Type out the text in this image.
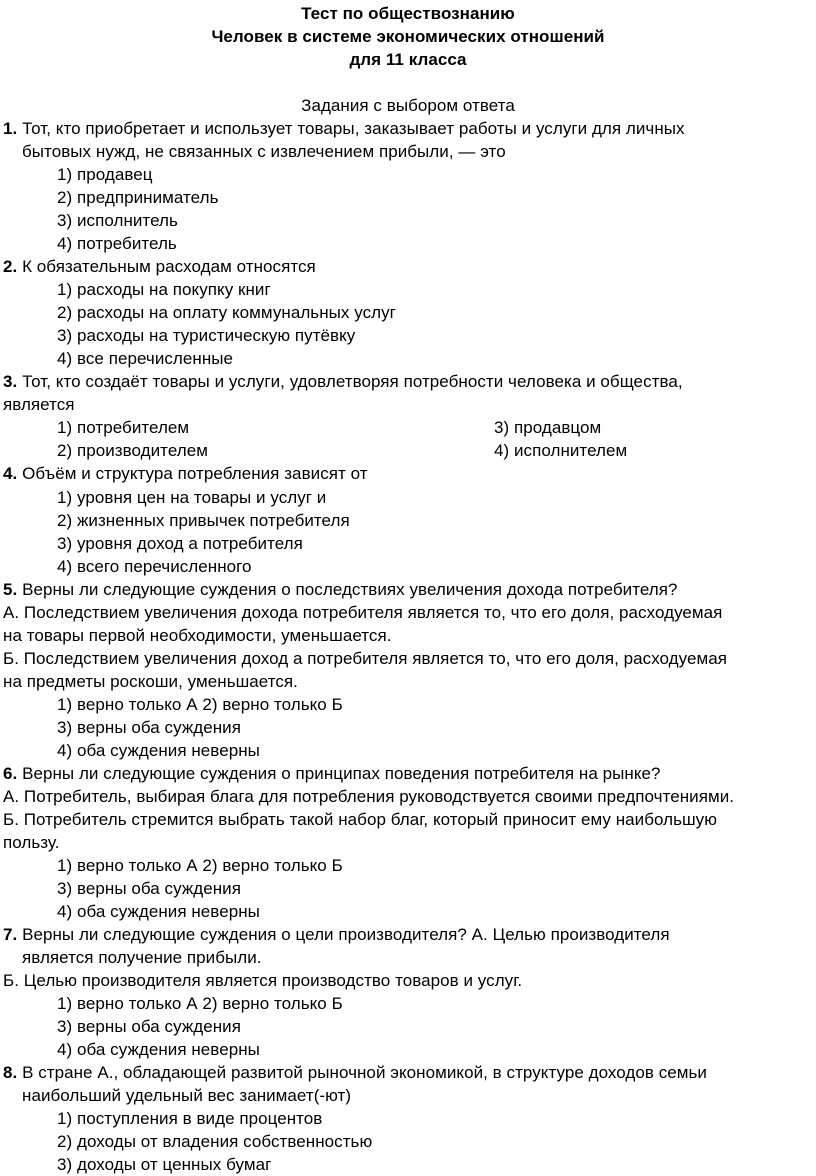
Тест по обществознанию
Человек в системе экономических отношений
для 11 класса
Задания с выбором ответа
1. Тот, кто приобретает и использует товары, заказывает работы и услуги для личных
бытовых нужд, не связанных с извлечением прибыли, — это
1) продавец
2) предприниматель
3) исполнитель
4) потребитель
2. К обязательным расходам относятся
1) расходы на покупку книг
2) расходы на оплату коммунальных услуг
3) расходы на туристическую путёвку
4) все перечисленные
3. Тот, кто создаёт товары и услуги, удовлетворяя потребности человека и общества,
является
1) потребителем	3) продавцом
2) производителем	4) исполнителем
4. Объём и структура потребления зависят от
1) уровня цен на товары и услуг и
2) жизненных привычек потребителя
3) уровня доход а потребителя
4) всего перечисленного
5. Верны ли следующие суждения о последствиях увеличения дохода потребителя?
А. Последствием увеличения дохода потребителя является то, что его доля, расходуемая
на товары первой необходимости, уменьшается.
Б. Последствием увеличения доход а потребителя является то, что его доля, расходуемая
на предметы роскоши, уменьшается.
1) верно только А 2) верно только Б
3) верны оба суждения
4) оба суждения неверны
6. Верны ли следующие суждения о принципах поведения потребителя на рынке?
А. Потребитель, выбирая блага для потребления руководствуется своими предпочтениями.
Б. Потребитель стремится выбрать такой набор благ, который приносит ему наибольшую
пользу.
1) верно только А 2) верно только Б
3) верны оба суждения
4) оба суждения неверны
7. Верны ли следующие суждения о цели производителя? А. Целью производителя
является получение прибыли.
Б. Целью производителя является производство товаров и услуг.
1) верно только А 2) верно только Б
3) верны оба суждения
4) оба суждения неверны
8. В стране А., обладающей развитой рыночной экономикой, в структуре доходов семьи
наибольший удельный вес занимает(-ют)
1) поступления в виде процентов
2) доходы от владения собственностью
3) доходы от ценных бумаг
